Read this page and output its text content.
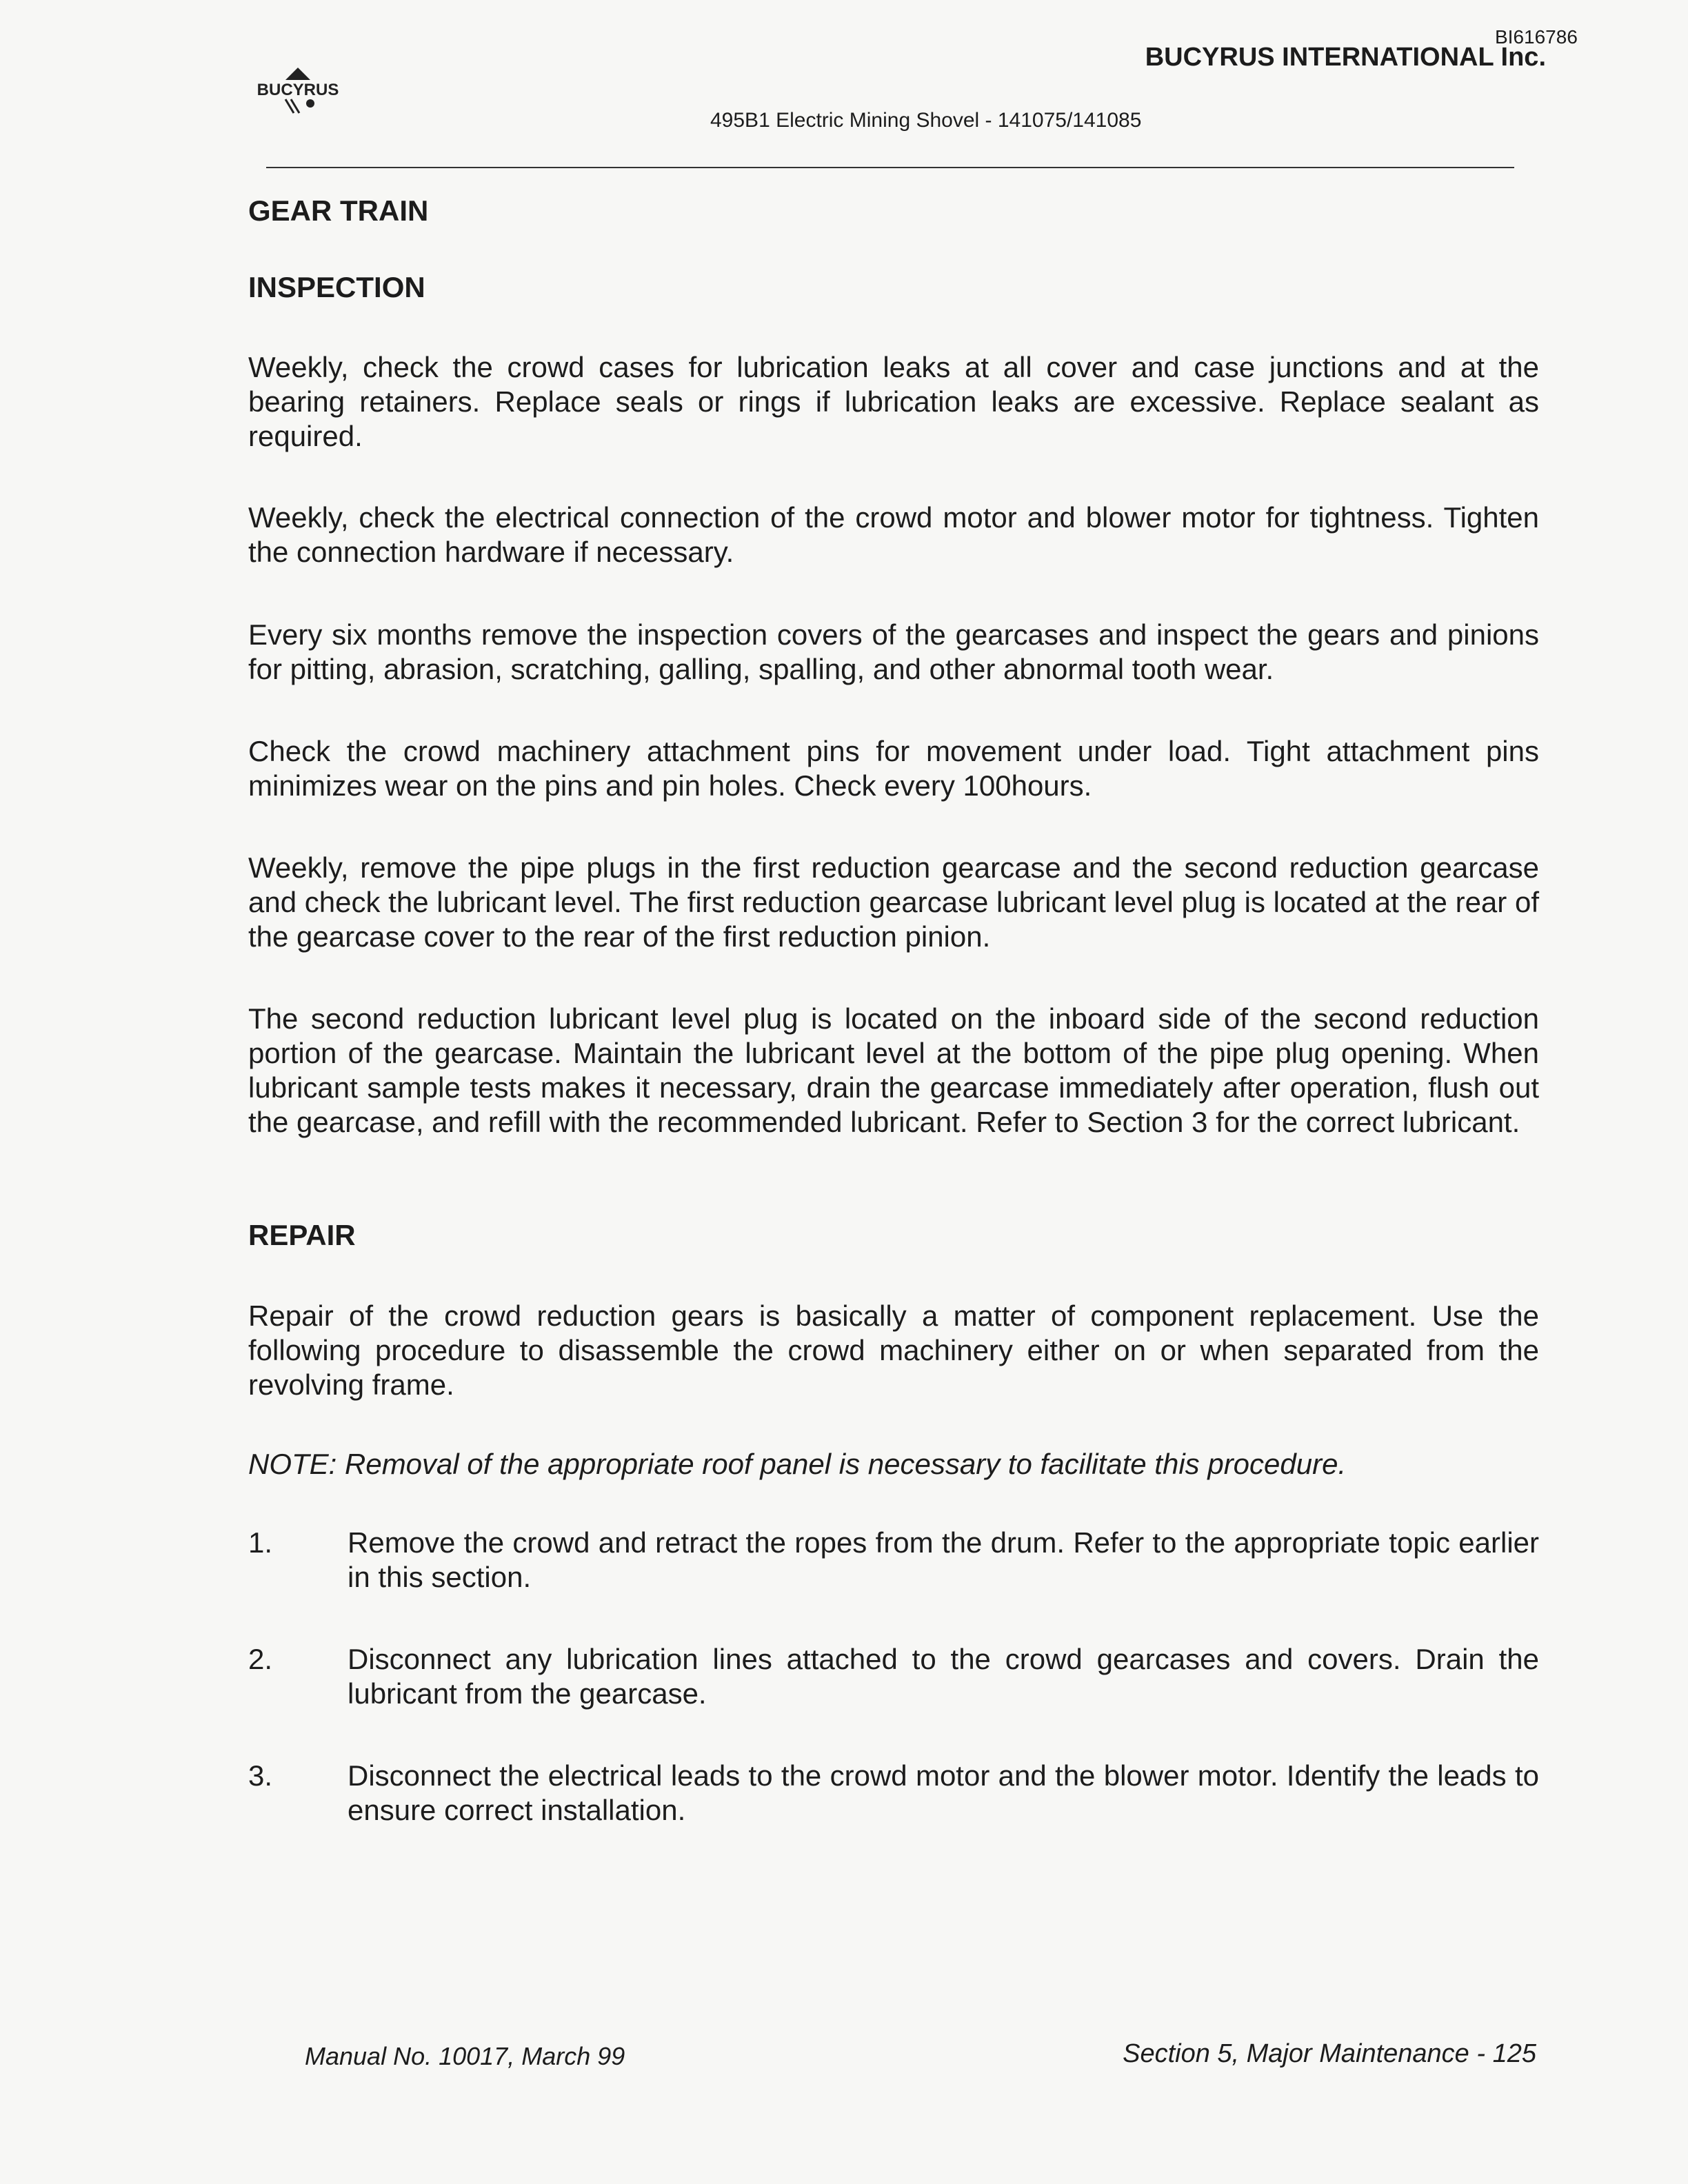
BI616786
BUCYRUS INTERNATIONAL Inc.
BUCYRUS
495B1 Electric Mining Shovel - 141075/141085
GEAR TRAIN
INSPECTION
Weekly, check the crowd cases for lubrication leaks at all cover and case junctions and at the bearing retainers. Replace seals or rings if lubrication leaks are excessive. Replace sealant as required.
Weekly, check the electrical connection of the crowd motor and blower motor for tightness. Tighten the connection hardware if necessary.
Every six months remove the inspection covers of the gearcases and inspect the gears and pinions for pitting, abrasion, scratching, galling, spalling, and other abnormal tooth wear.
Check the crowd machinery attachment pins for movement under load. Tight attachment pins minimizes wear on the pins and pin holes. Check every 100hours.
Weekly, remove the pipe plugs in the first reduction gearcase and the second reduction gearcase and check the lubricant level. The first reduction gearcase lubricant level plug is located at the rear of the gearcase cover to the rear of the first reduction pinion.
The second reduction lubricant level plug is located on the inboard side of the second reduction portion of the gearcase. Maintain the lubricant level at the bottom of the pipe plug opening. When lubricant sample tests makes it necessary, drain the gearcase immediately after operation, flush out the gearcase, and refill with the recommended lubricant. Refer to Section 3 for the correct lubricant.
REPAIR
Repair of the crowd reduction gears is basically a matter of component replacement. Use the following procedure to disassemble the crowd machinery either on or when separated from the revolving frame.
NOTE: Removal of the appropriate roof panel is necessary to facilitate this procedure.
1.	Remove the crowd and retract the ropes from the drum. Refer to the appropriate topic earlier in this section.
2.	Disconnect any lubrication lines attached to the crowd gearcases and covers. Drain the lubricant from the gearcase.
3.	Disconnect the electrical leads to the crowd motor and the blower motor. Identify the leads to ensure correct installation.
Manual No. 10017, March 99	Section 5, Major Maintenance - 125
